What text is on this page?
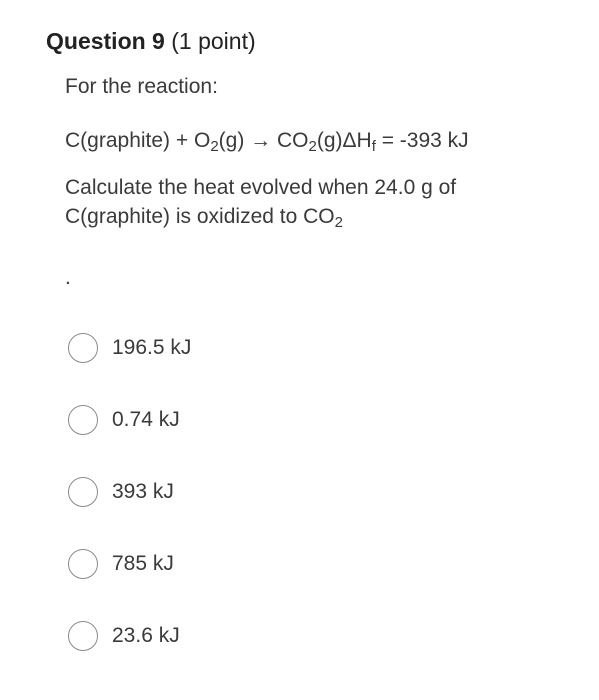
Question 9 (1 point)
For the reaction:
C(graphite) + $O_2(g) \to CO_2(g)\Delta H_f = -393$ kJ
Calculate the heat evolved when 24.0 g of
C(graphite) is oxidized to $CO_2$
.
196.5 kJ
0.74 kJ
393 kJ
785 kJ
23.6 kJ
